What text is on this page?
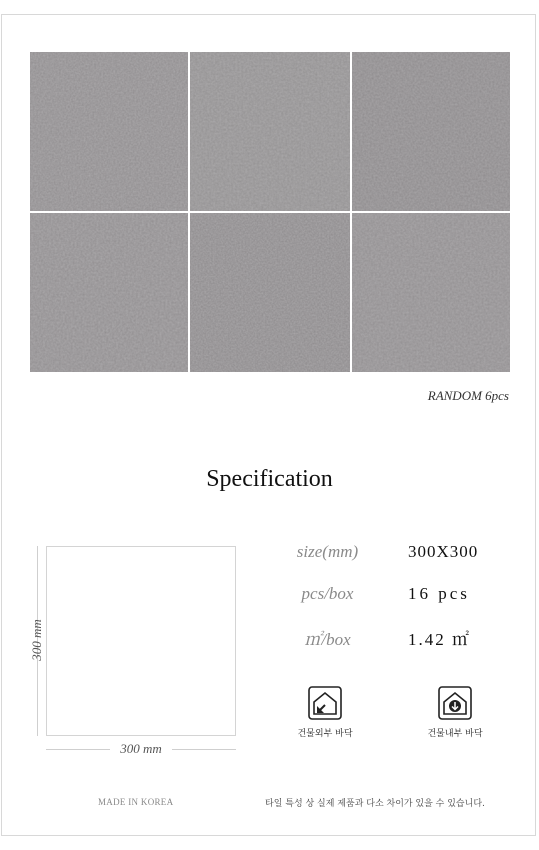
RANDOM 6pcs
Specification
300 mm
300 mm
size(mm)	300X300
pcs/box	16 pcs
㎡/box	1.42 ㎡
건물외부 바닥	건물내부 바닥
MADE IN KOREA	타일 특성 상 실제 제품과 다소 차이가 있을 수 있습니다.
